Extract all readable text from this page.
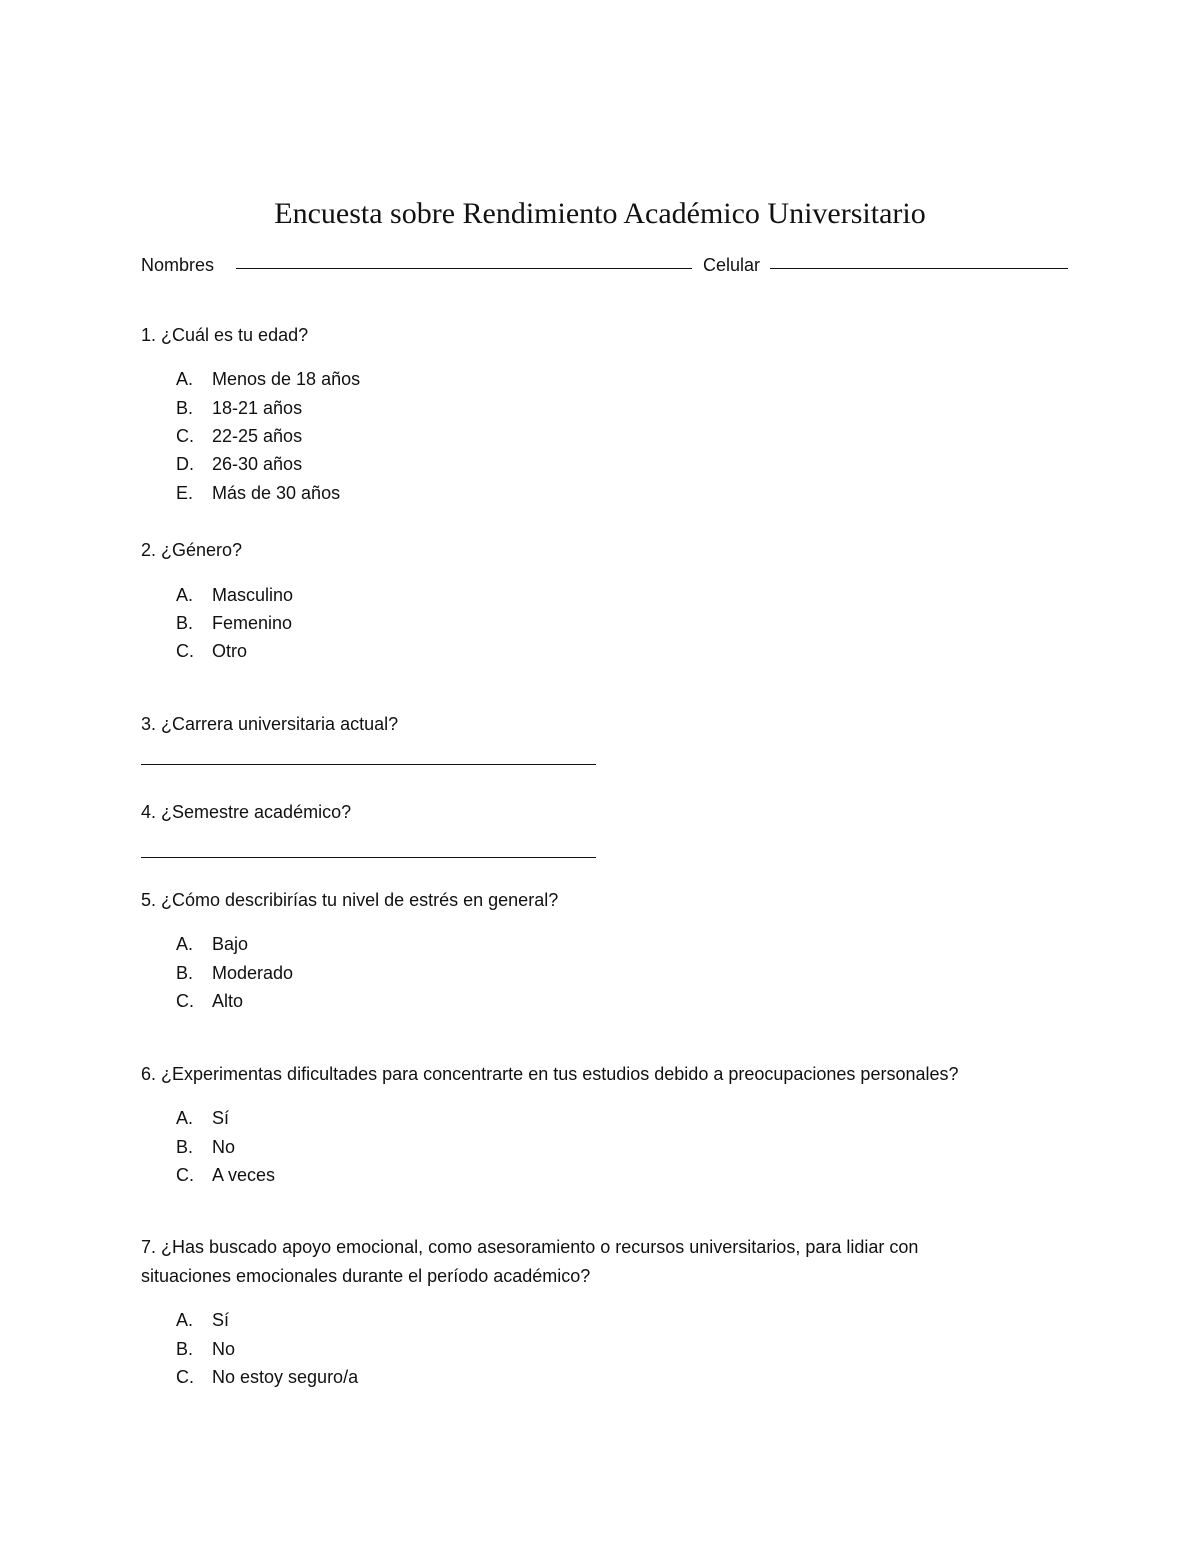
Encuesta sobre Rendimiento Académico Universitario
Nombres	Celular
1. ¿Cuál es tu edad?
A. Menos de 18 años
B. 18-21 años
C. 22-25 años
D. 26-30 años
E. Más de 30 años
2. ¿Género?
A. Masculino
B. Femenino
C. Otro
3. ¿Carrera universitaria actual?
4. ¿Semestre académico?
5. ¿Cómo describirías tu nivel de estrés en general?
A. Bajo
B. Moderado
C. Alto
6. ¿Experimentas dificultades para concentrarte en tus estudios debido a preocupaciones personales?
A. Sí
B. No
C. A veces
7. ¿Has buscado apoyo emocional, como asesoramiento o recursos universitarios, para lidiar con
situaciones emocionales durante el período académico?
A. Sí
B. No
C. No estoy seguro/a
